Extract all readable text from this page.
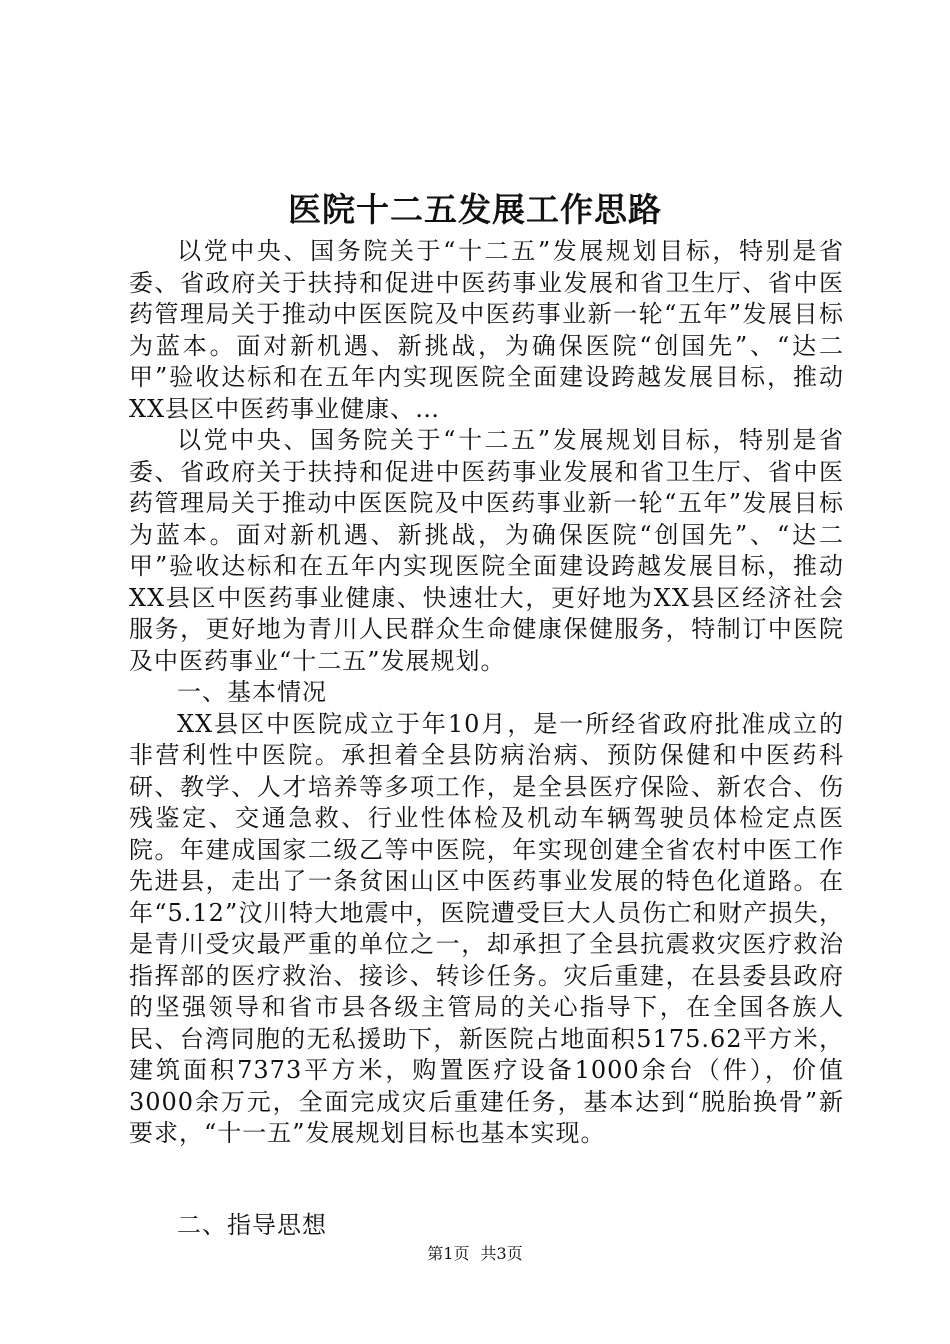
医院十二五发展工作思路

以党中央、国务院关于“十二五”发展规划目标，特别是省委、省政府关于扶持和促进中医药事业发展和省卫生厅、省中医药管理局关于推动中医医院及中医药事业新一轮“五年”发展目标为蓝本。面对新机遇、新挑战，为确保医院“创国先”、“达二甲”验收达标和在五年内实现医院全面建设跨越发展目标，推动XX县区中医药事业健康、…

以党中央、国务院关于“十二五”发展规划目标，特别是省委、省政府关于扶持和促进中医药事业发展和省卫生厅、省中医药管理局关于推动中医医院及中医药事业新一轮“五年”发展目标为蓝本。面对新机遇、新挑战，为确保医院“创国先”、“达二甲”验收达标和在五年内实现医院全面建设跨越发展目标，推动XX县区中医药事业健康、快速壮大，更好地为XX县区经济社会服务，更好地为青川人民群众生命健康保健服务，特制订中医院及中医药事业“十二五”发展规划。

一、基本情况

XX县区中医院成立于年10月，是一所经省政府批准成立的非营利性中医院。承担着全县防病治病、预防保健和中医药科研、教学、人才培养等多项工作，是全县医疗保险、新农合、伤残鉴定、交通急救、行业性体检及机动车辆驾驶员体检定点医院。年建成国家二级乙等中医院，年实现创建全省农村中医工作先进县，走出了一条贫困山区中医药事业发展的特色化道路。在年“5.12”汶川特大地震中，医院遭受巨大人员伤亡和财产损失，是青川受灾最严重的单位之一，却承担了全县抗震救灾医疗救治指挥部的医疗救治、接诊、转诊任务。灾后重建，在县委县政府的坚强领导和省市县各级主管局的关心指导下，在全国各族人民、台湾同胞的无私援助下，新医院占地面积5175.62平方米，建筑面积7373平方米，购置医疗设备1000余台（件），价值3000余万元，全面完成灾后重建任务，基本达到“脱胎换骨”新要求，“十一五”发展规划目标也基本实现。

二、指导思想

第1页 共3页
